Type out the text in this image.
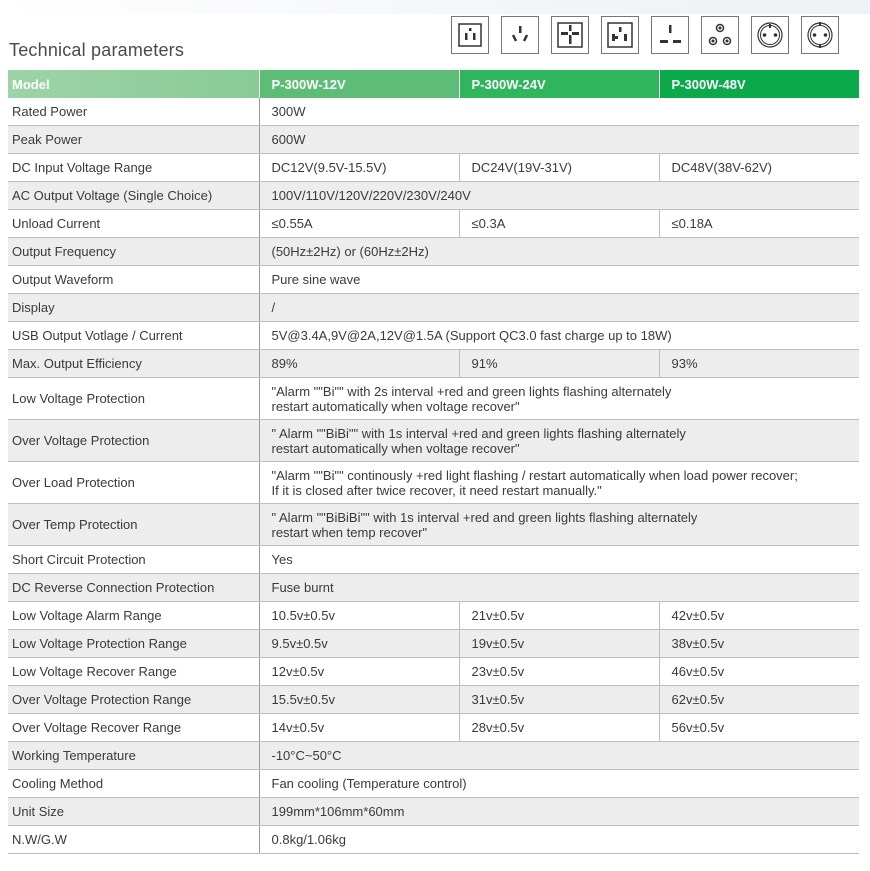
Technical parameters
Model	P-300W-12V	P-300W-24V	P-300W-48V
Rated Power	300W		
Peak Power	600W		
DC Input Voltage Range	DC12V(9.5V-15.5V)	DC24V(19V-31V)	DC48V(38V-62V)
AC Output Voltage (Single Choice)	100V/110V/120V/220V/230V/240V		
Unload Current	≤0.55A	≤0.3A	≤0.18A
Output Frequency	(50Hz±2Hz) or (60Hz±2Hz)		
Output Waveform	Pure sine wave		
Display	/		
USB Output Votlage / Current	5V@3.4A,9V@2A,12V@1.5A (Support QC3.0 fast charge up to 18W)		
Max. Output Efficiency	89%	91%	93%
Low Voltage Protection	"Alarm ""Bi"" with 2s interval +red and green lights flashing alternately
restart automatically when voltage recover"		

Over Voltage Protection	" Alarm ""BiBi"" with 1s interval +red and green lights flashing alternately
restart automatically when voltage recover"		

Over Load Protection	"Alarm ""Bi"" continously +red light flashing / restart automatically when load power recover;
If it is closed after twice recover, it need restart manually."		

Over Temp Protection	" Alarm ""BiBiBi"" with 1s interval +red and green lights flashing alternately
restart when temp recover"		

Short Circuit Protection	Yes		
DC Reverse Connection Protection	Fuse burnt		
Low Voltage Alarm Range	10.5v±0.5v	21v±0.5v	42v±0.5v
Low Voltage Protection Range	9.5v±0.5v	19v±0.5v	38v±0.5v
Low Voltage Recover Range	12v±0.5v	23v±0.5v	46v±0.5v
Over Voltage Protection Range	15.5v±0.5v	31v±0.5v	62v±0.5v
Over Voltage Recover Range	14v±0.5v	28v±0.5v	56v±0.5v
Working Temperature	-10°C~50°C		
Cooling Method	Fan cooling (Temperature control)		
Unit Size	199mm*106mm*60mm		
N.W/G.W	0.8kg/1.06kg		
